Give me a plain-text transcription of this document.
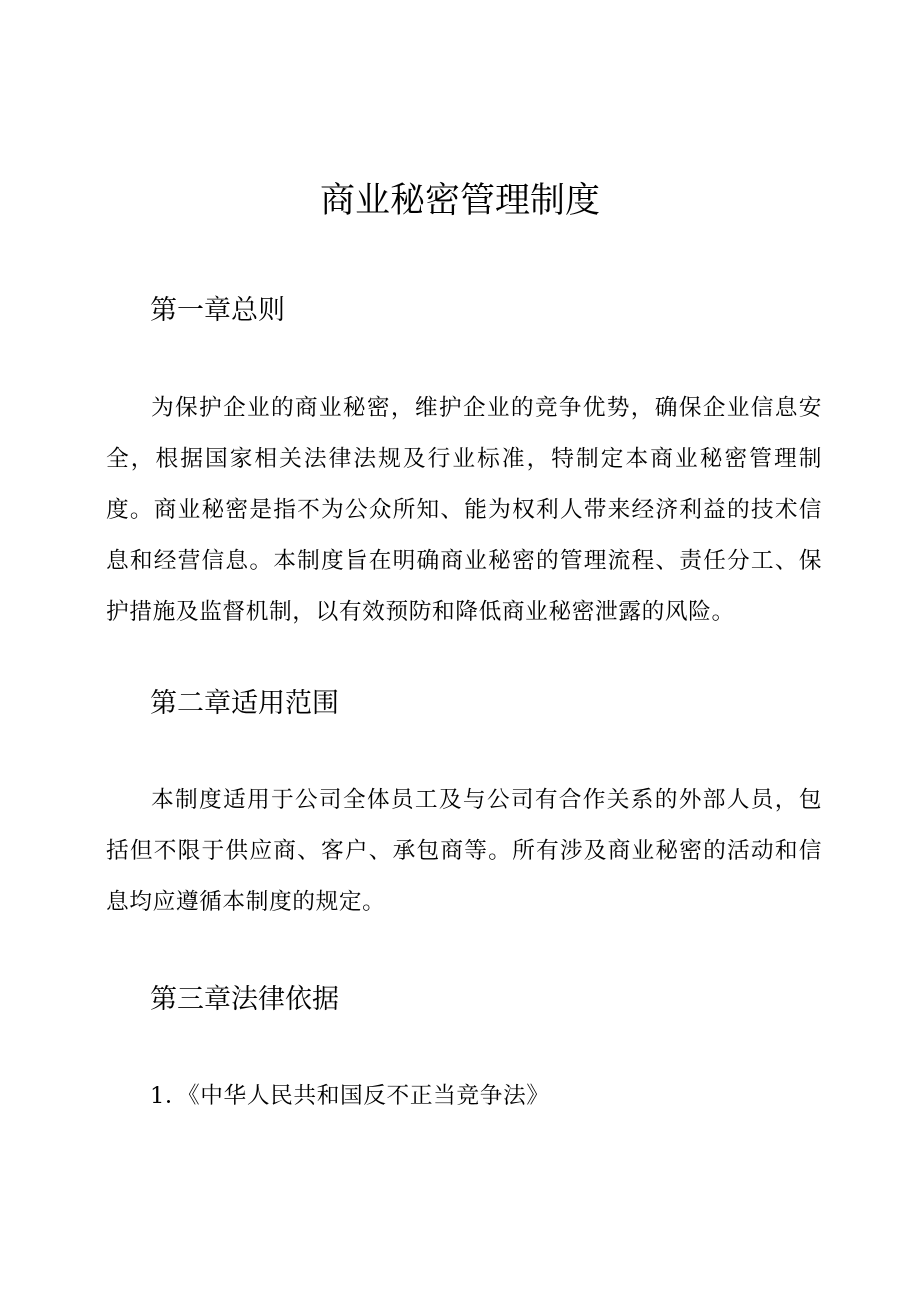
商业秘密管理制度
第一章总则

为保护企业的商业秘密，维护企业的竞争优势，确保企业信息安全，根据国家相关法律法规及行业标准，特制定本商业秘密管理制度。商业秘密是指不为公众所知、能为权利人带来经济利益的技术信息和经营信息。本制度旨在明确商业秘密的管理流程、责任分工、保护措施及监督机制，以有效预防和降低商业秘密泄露的风险。

第二章适用范围

本制度适用于公司全体员工及与公司有合作关系的外部人员，包括但不限于供应商、客户、承包商等。所有涉及商业秘密的活动和信息均应遵循本制度的规定。

第三章法律依据

1．《中华人民共和国反不正当竞争法》
